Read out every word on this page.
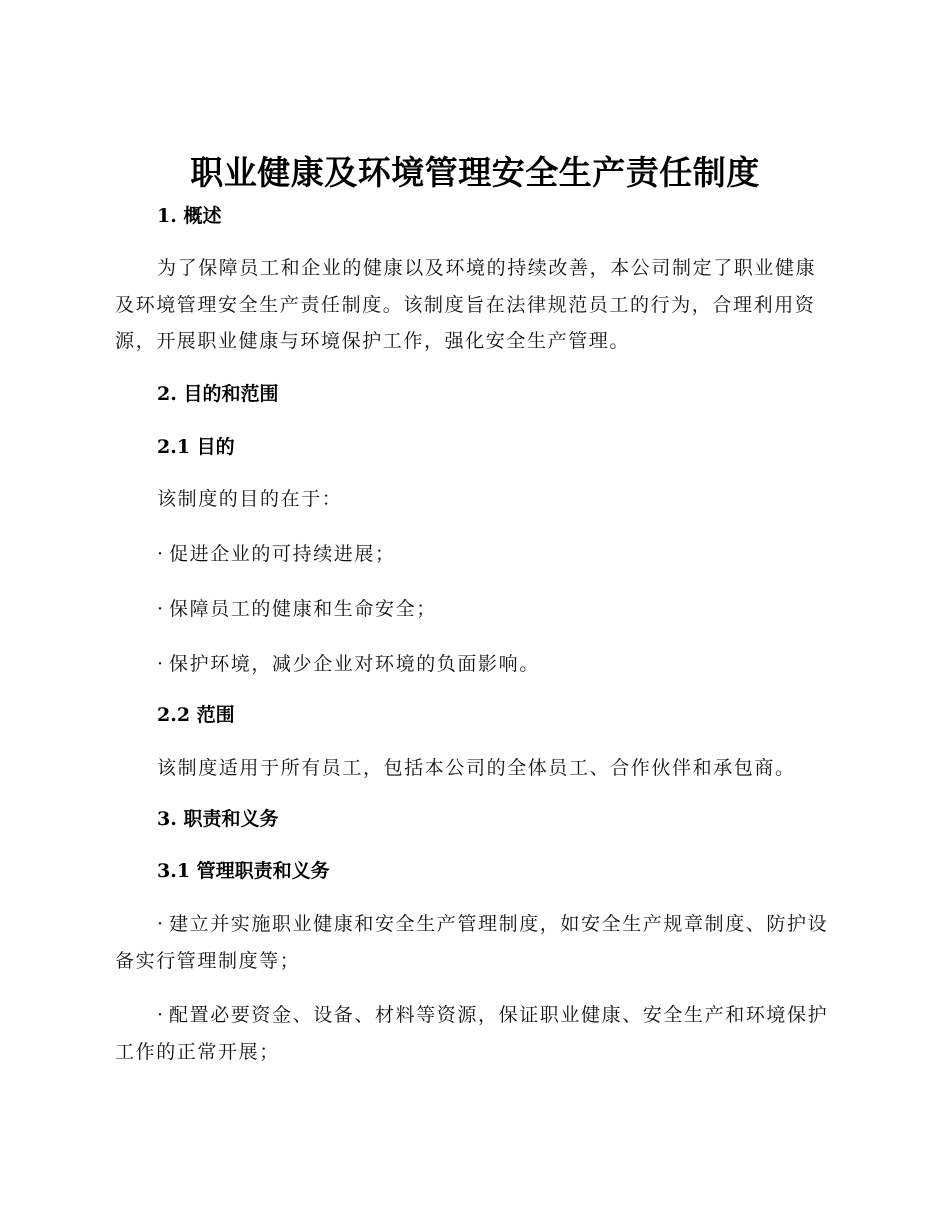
职业健康及环境管理安全生产责任制度
1. 概述

为了保障员工和企业的健康以及环境的持续改善，本公司制定了职业健康及环境管理安全生产责任制度。该制度旨在法律规范员工的行为，合理利用资源，开展职业健康与环境保护工作，强化安全生产管理。

2. 目的和范围
2.1 目的

该制度的目的在于：

· 促进企业的可持续进展；

· 保障员工的健康和生命安全；

· 保护环境，减少企业对环境的负面影响。

2.2 范围

该制度适用于所有员工，包括本公司的全体员工、合作伙伴和承包商。

3. 职责和义务
3.1 管理职责和义务

· 建立并实施职业健康和安全生产管理制度，如安全生产规章制度、防护设备实行管理制度等；

· 配置必要资金、设备、材料等资源，保证职业健康、安全生产和环境保护工作的正常开展；
